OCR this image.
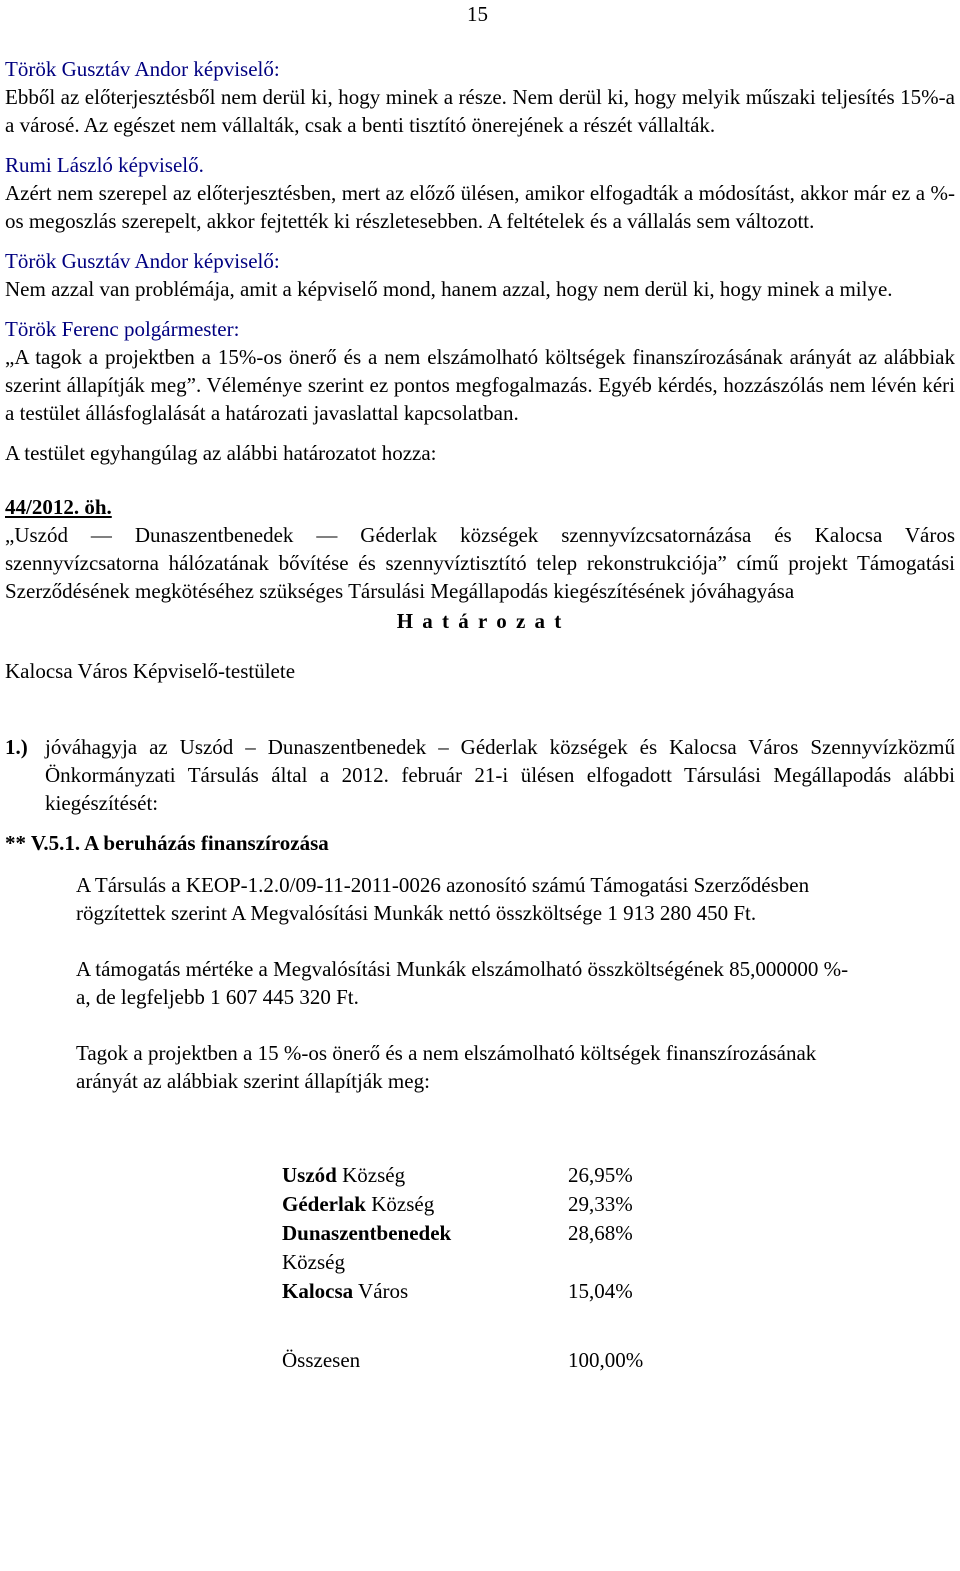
15
Török Gusztáv Andor képviselő:
Ebből az előterjesztésből nem derül ki, hogy minek a része. Nem derül ki, hogy melyik műszaki teljesítés 15%-a a városé. Az egészet nem vállalták, csak a benti tisztító önerejének a részét vállalták.
Rumi László képviselő.
Azért nem szerepel az előterjesztésben, mert az előző ülésen, amikor elfogadták a módosítást, akkor már ez a %-os megoszlás szerepelt, akkor fejtették ki részletesebben. A feltételek és a vállalás sem változott.
Török Gusztáv Andor képviselő:
Nem azzal van problémája, amit a képviselő mond, hanem azzal, hogy nem derül ki, hogy minek a milye.
Török Ferenc polgármester:
„A tagok a projektben a 15%-os önerő és a nem elszámolható költségek finanszírozásának arányát az alábbiak szerint állapítják meg”. Véleménye szerint ez pontos megfogalmazás. Egyéb kérdés, hozzászólás nem lévén kéri a testület állásfoglalását a határozati javaslattal kapcsolatban.
A testület egyhangúlag az alábbi határozatot hozza:
44/2012. öh.
„Uszód — Dunaszentbenedek — Géderlak községek szennyvízcsatornázása és Kalocsa Város szennyvízcsatorna hálózatának bővítése és szennyvíztisztító telep rekonstrukciója” című projekt Támogatási Szerződésének megkötéséhez szükséges Társulási Megállapodás kiegészítésének jóváhagyása
H a t á r o z a t
Kalocsa Város Képviselő-testülete
1.) jóváhagyja az Uszód – Dunaszentbenedek – Géderlak községek és Kalocsa Város Szennyvízközmű Önkormányzati Társulás által a 2012. február 21-i ülésen elfogadott Társulási Megállapodás alábbi kiegészítését:
** V.5.1. A beruházás finanszírozása
A Társulás a KEOP-1.2.0/09-11-2011-0026 azonosító számú Támogatási Szerződésben rögzítettek szerint A Megvalósítási Munkák nettó összköltsége 1 913 280 450 Ft.
A támogatás mértéke a Megvalósítási Munkák elszámolható összköltségének 85,000000 %-a, de legfeljebb 1 607 445 320 Ft.
Tagok a projektben a 15 %-os önerő és a nem elszámolható költségek finanszírozásának arányát az alábbiak szerint állapítják meg:
Uszód Község	26,95%
Géderlak Község	29,33%
Dunaszentbenedek Község	28,68%
Kalocsa Város	15,04%
Összesen	100,00%
